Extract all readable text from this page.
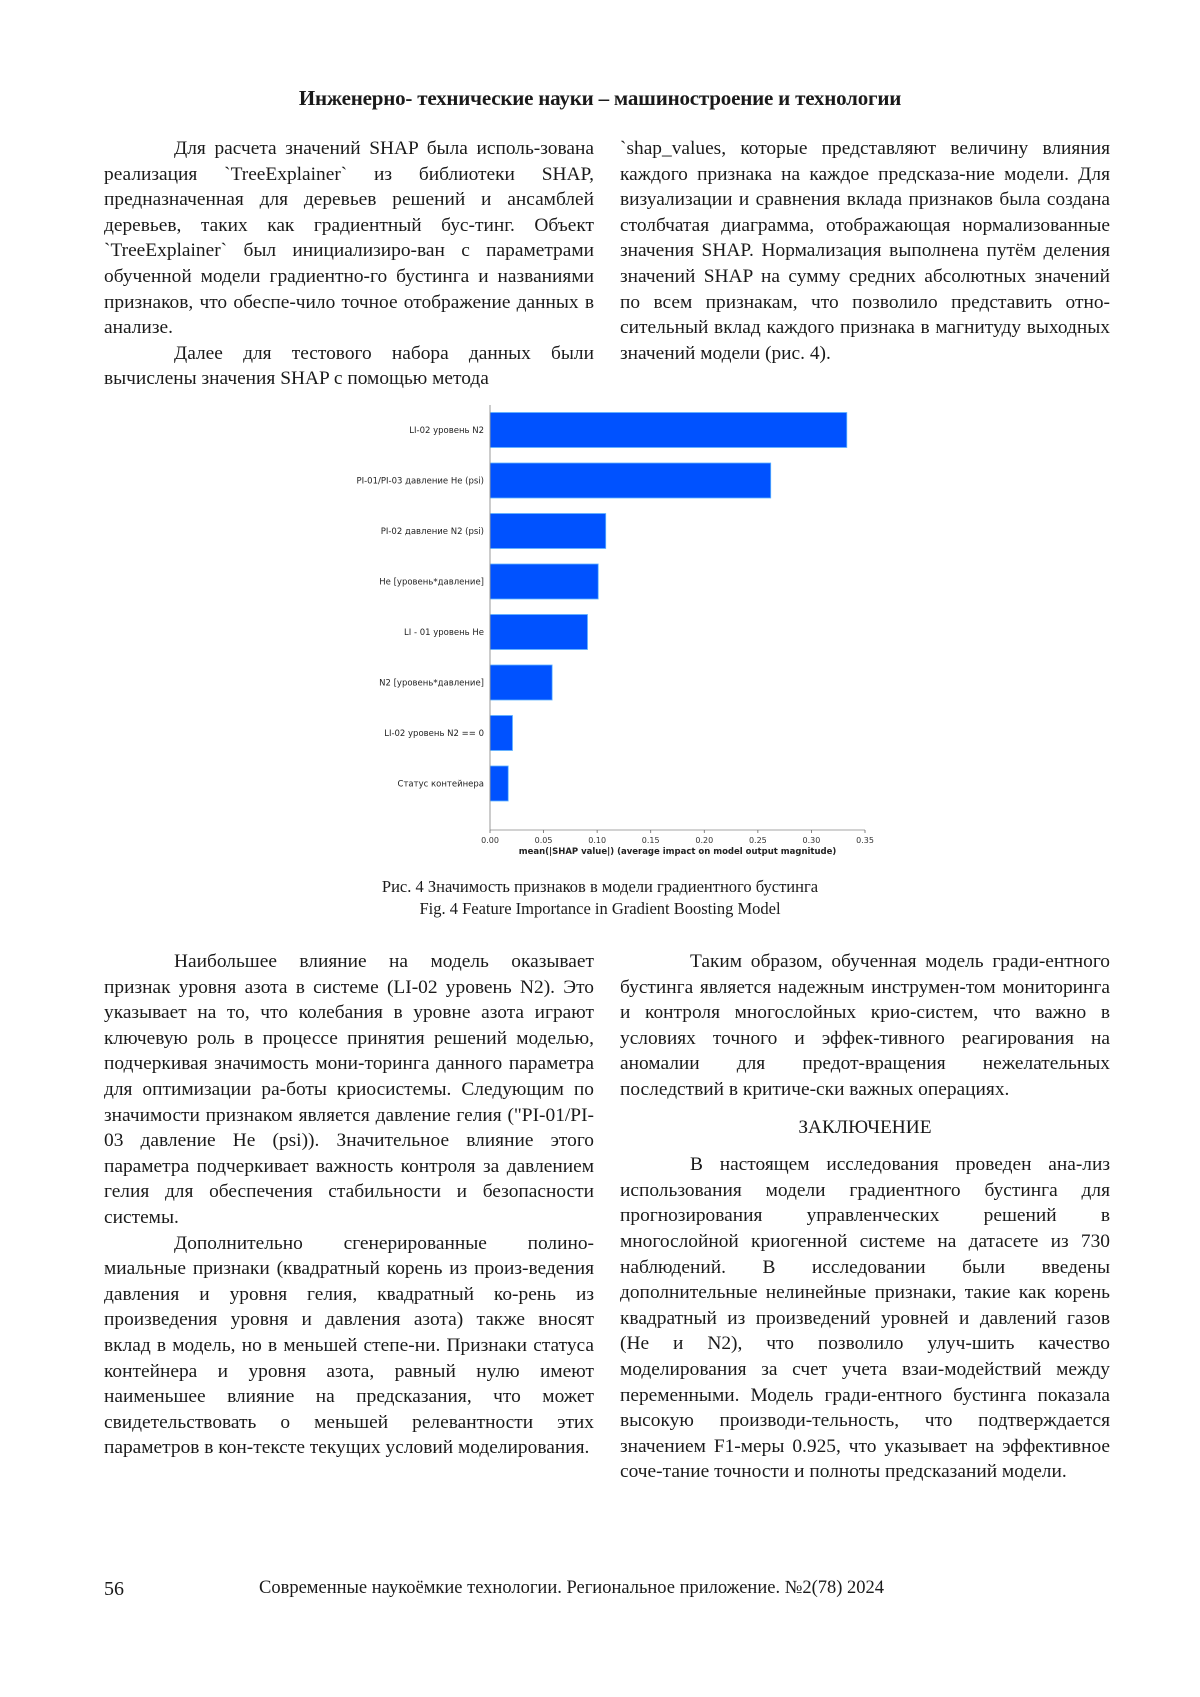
Инженерно- технические науки – машиностроение и технологии

Для расчета значений SHAP была исполь-зована реализация `TreeExplainer` из библиотеки SHAP, предназначенная для деревьев решений и ансамблей деревьев, таких как градиентный бус-тинг. Объект `TreeExplainer` был инициализиро-ван с параметрами обученной модели градиентно-го бустинга и названиями признаков, что обеспе-чило точное отображение данных в анализе.

Далее для тестового набора данных были вычислены значения SHAP с помощью метода

`shap_values, которые представляют величину влияния каждого признака на каждое предсказа-ние модели. Для визуализации и сравнения вклада признаков была создана столбчатая диаграмма, отображающая нормализованные значения SHAP. Нормализация выполнена путём деления значений SHAP на сумму средних абсолютных значений по всем признакам, что позволило представить отно-сительный вклад каждого признака в магнитуду выходных значений модели (рис. 4).

LI-02 уровень N2
PI-01/PI-03 давление He (psi)
PI-02 давление N2 (psi)
He [уровень*давление]
LI - 01 уровень He
N2 [уровень*давление]
LI-02 уровень N2 == 0
Статус контейнера
0.00	0.05	0.10	0.15	0.20	0.25	0.30	0.35
mean(|SHAP value|) (average impact on model output magnitude)
Рис. 4 Значимость признаков в модели градиентного бустинга
Fig. 4 Feature Importance in Gradient Boosting Model

Наибольшее влияние на модель оказывает признак уровня азота в системе (LI-02 уровень N2). Это указывает на то, что колебания в уровне азота играют ключевую роль в процессе принятия решений моделью, подчеркивая значимость мони-торинга данного параметра для оптимизации ра-боты криосистемы. Следующим по значимости признаком является давление гелия ("PI-01/PI-03 давление He (psi)). Значительное влияние этого параметра подчеркивает важность контроля за давлением гелия для обеспечения стабильности и безопасности системы.

Дополнительно сгенерированные полино-миальные признаки (квадратный корень из произ-ведения давления и уровня гелия, квадратный ко-рень из произведения уровня и давления азота) также вносят вклад в модель, но в меньшей степе-ни. Признаки статуса контейнера и уровня азота, равный нулю имеют наименьшее влияние на предсказания, что может свидетельствовать о меньшей релевантности этих параметров в кон-тексте текущих условий моделирования.

Таким образом, обученная модель гради-ентного бустинга является надежным инструмен-том мониторинга и контроля многослойных крио-систем, что важно в условиях точного и эффек-тивного реагирования на аномалии для предот-вращения нежелательных последствий в критиче-ски важных операциях.

ЗАКЛЮЧЕНИЕ

В настоящем исследования проведен ана-лиз использования модели градиентного бустинга для прогнозирования управленческих решений в многослойной криогенной системе на датасете из 730 наблюдений. В исследовании были введены дополнительные нелинейные признаки, такие как корень квадратный из произведений уровней и давлений газов (He и N2), что позволило улуч-шить качество моделирования за счет учета взаи-модействий между переменными. Модель гради-ентного бустинга показала высокую производи-тельность, что подтверждается значением F1-меры 0.925, что указывает на эффективное соче-тание точности и полноты предсказаний модели.

56	Современные наукоёмкие технологии. Региональное приложение. №2(78) 2024
